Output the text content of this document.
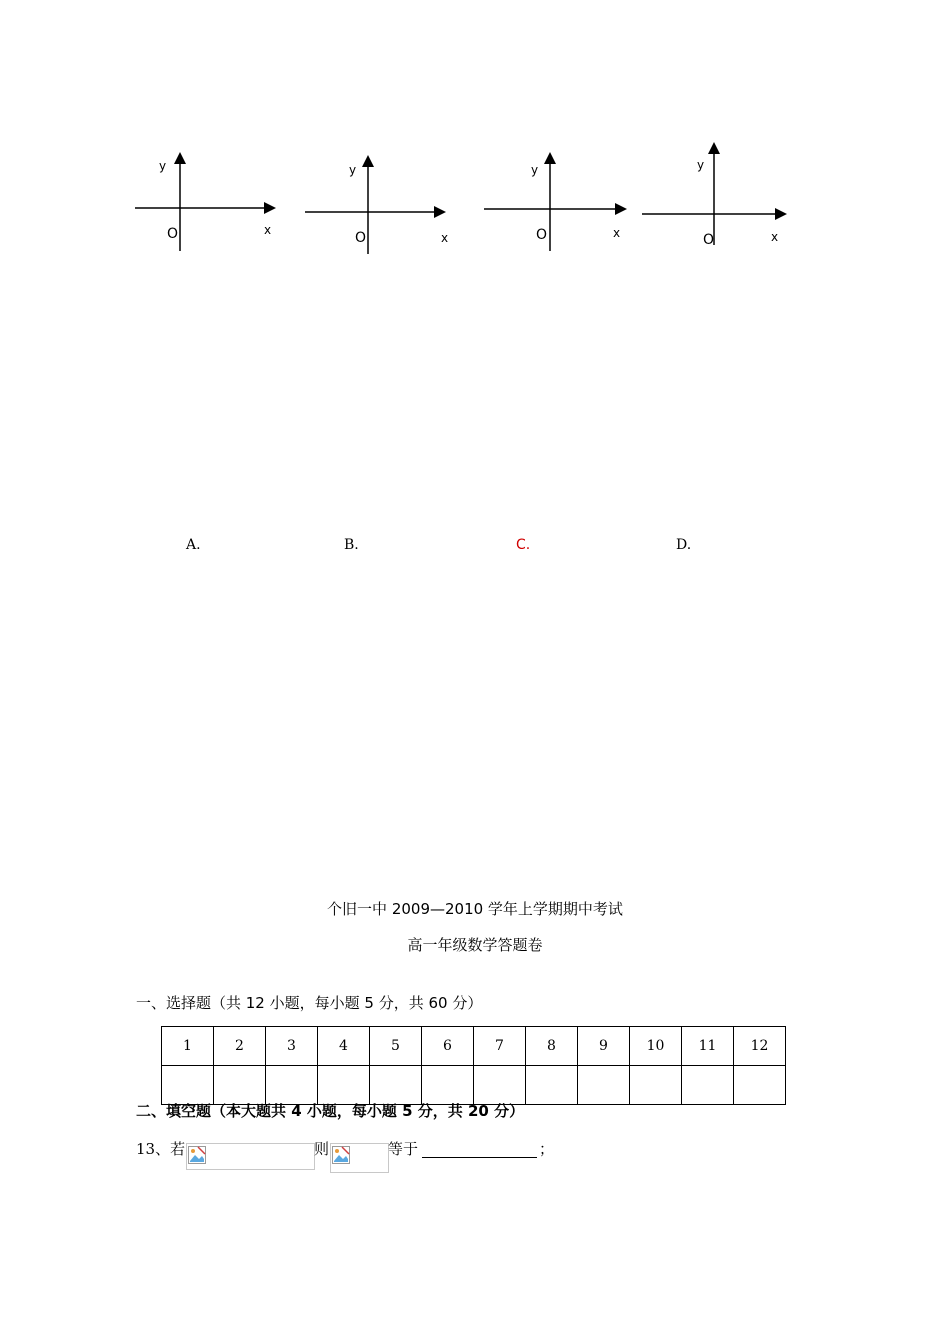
y
x
O
y
x
O
y
x
O
y
x
O
A.	B.	C.	D.
个旧一中 2009—2010 学年上学期期中考试
高一年级数学答题卷
一、选择题（共 12 小题，每小题 5 分，共 60 分）
1	2	3	4	5	6	7	8	9	10	11	12

二、填空题（本大题共 4 小题，每小题 5 分，共 20 分）
13、若	则	等于	；
